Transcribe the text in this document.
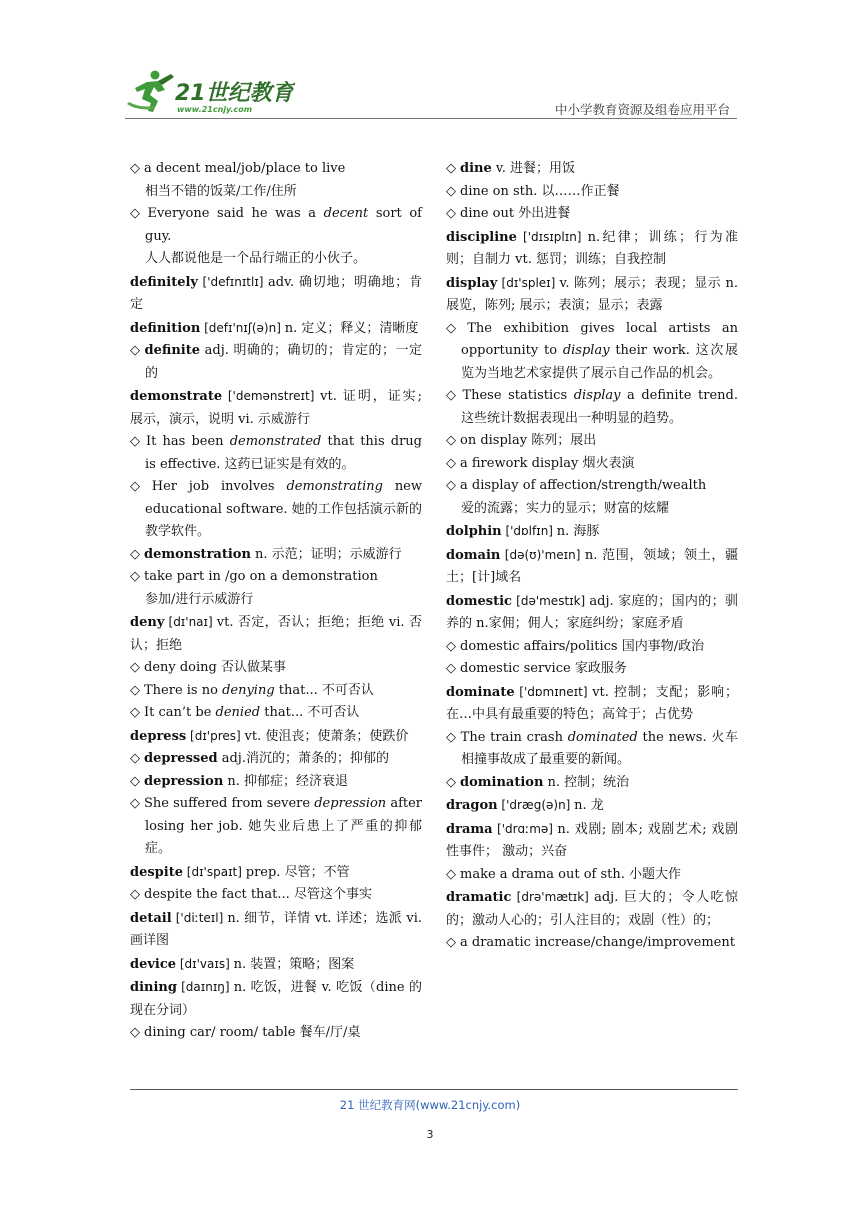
21世纪教育
www.21cnjy.com	中小学教育资源及组卷应用平台

◇ a decent meal/job/place to live
相当不错的饭菜/工作/住所

◇ Everyone said he was a decent sort of guy.
人人都说他是一个品行端正的小伙子。

definitely ['defɪnɪtlɪ] adv. 确切地；明确地；肯定

definition [defɪ'nɪʃ(ə)n] n. 定义；释义；清晰度

◇ definite adj. 明确的；确切的；肯定的；一定的

demonstrate ['demənstreɪt] vt. 证明，证实; 展示，演示，说明 vi. 示威游行

◇ It has been demonstrated that this drug is effective. 这药已证实是有效的。

◇ Her job involves demonstrating new educational software. 她的工作包括演示新的教学软件。

◇ demonstration n. 示范；证明；示威游行

◇ take part in /go on a demonstration
参加/进行示威游行

deny [dɪ'naɪ] vt. 否定，否认；拒绝；拒绝 vi. 否认；拒绝

◇ deny doing 否认做某事

◇ There is no denying that... 不可否认

◇ It can’t be denied that... 不可否认

depress [dɪ'pres] vt. 使沮丧；使萧条；使跌价

◇ depressed adj.消沉的；萧条的；抑郁的

◇ depression n. 抑郁症；经济衰退

◇ She suffered from severe depression after losing her job. 她失业后患上了严重的抑郁症。

despite [dɪ'spaɪt] prep. 尽管；不管

◇ despite the fact that... 尽管这个事实

detail ['diːteɪl] n. 细节，详情 vt. 详述；选派 vi. 画详图

device [dɪ'vaɪs] n. 装置；策略；图案

dining [daɪnɪŋ] n. 吃饭，进餐 v. 吃饭（dine 的现在分词）

◇ dining car/ room/ table 餐车/厅/桌

◇ dine v. 进餐；用饭

◇ dine on sth. 以……作正餐

◇ dine out 外出进餐

discipline ['dɪsɪplɪn] n.纪律；训练；行为准则；自制力 vt. 惩罚；训练；自我控制

display [dɪ'spleɪ] v. 陈列；展示；表现；显示 n. 展览，陈列; 展示；表演；显示；表露

◇ The exhibition gives local artists an opportunity to display their work. 这次展览为当地艺术家提供了展示自己作品的机会。

◇ These statistics display a definite trend. 这些统计数据表现出一种明显的趋势。

◇ on display 陈列；展出

◇ a firework display 烟火表演

◇ a display of affection/strength/wealth
爱的流露；实力的显示；财富的炫耀

dolphin ['dɒlfɪn] n. 海豚

domain [də(ʊ)'meɪn] n. 范围，领域；领土，疆土；[计]域名

domestic [də'mestɪk] adj. 家庭的；国内的；驯养的 n.家佣；佣人；家庭纠纷；家庭矛盾

◇ domestic affairs/politics 国内事物/政治

◇ domestic service 家政服务

dominate ['dɒmɪneɪt] vt. 控制；支配；影响；在…中具有最重要的特色；高耸于；占优势

◇ The train crash dominated the news. 火车相撞事故成了最重要的新闻。

◇ domination n. 控制；统治

dragon ['dræg(ə)n] n. 龙

drama ['drɑːmə] n. 戏剧; 剧本; 戏剧艺术; 戏剧性事件； 激动；兴奋

◇ make a drama out of sth. 小题大作

dramatic [drə'mætɪk] adj. 巨大的；令人吃惊的；激动人心的；引人注目的；戏剧（性）的；

◇ a dramatic increase/change/improvement

21 世纪教育网(www.21cnjy.com)
3
